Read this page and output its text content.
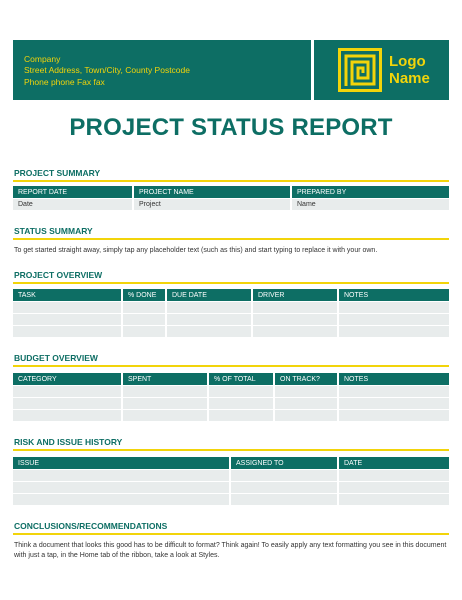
Company
Street Address, Town/City, County Postcode
Phone phone Fax fax
Logo
Name
PROJECT STATUS REPORT
PROJECT SUMMARY
REPORT DATE	PROJECT NAME	PREPARED BY
Date	Project	Name
STATUS SUMMARY
To get started straight away, simply tap any placeholder text (such as this) and start typing to replace it with your own.
PROJECT OVERVIEW
TASK	% DONE	DUE DATE	DRIVER	NOTES

BUDGET OVERVIEW
CATEGORY	SPENT	% OF TOTAL	ON TRACK?	NOTES

RISK AND ISSUE HISTORY
ISSUE	ASSIGNED TO	DATE

CONCLUSIONS/RECOMMENDATIONS
Think a document that looks this good has to be difficult to format? Think again! To easily apply any text formatting you see in this document with just a tap, in the Home tab of the ribbon, take a look at Styles.
